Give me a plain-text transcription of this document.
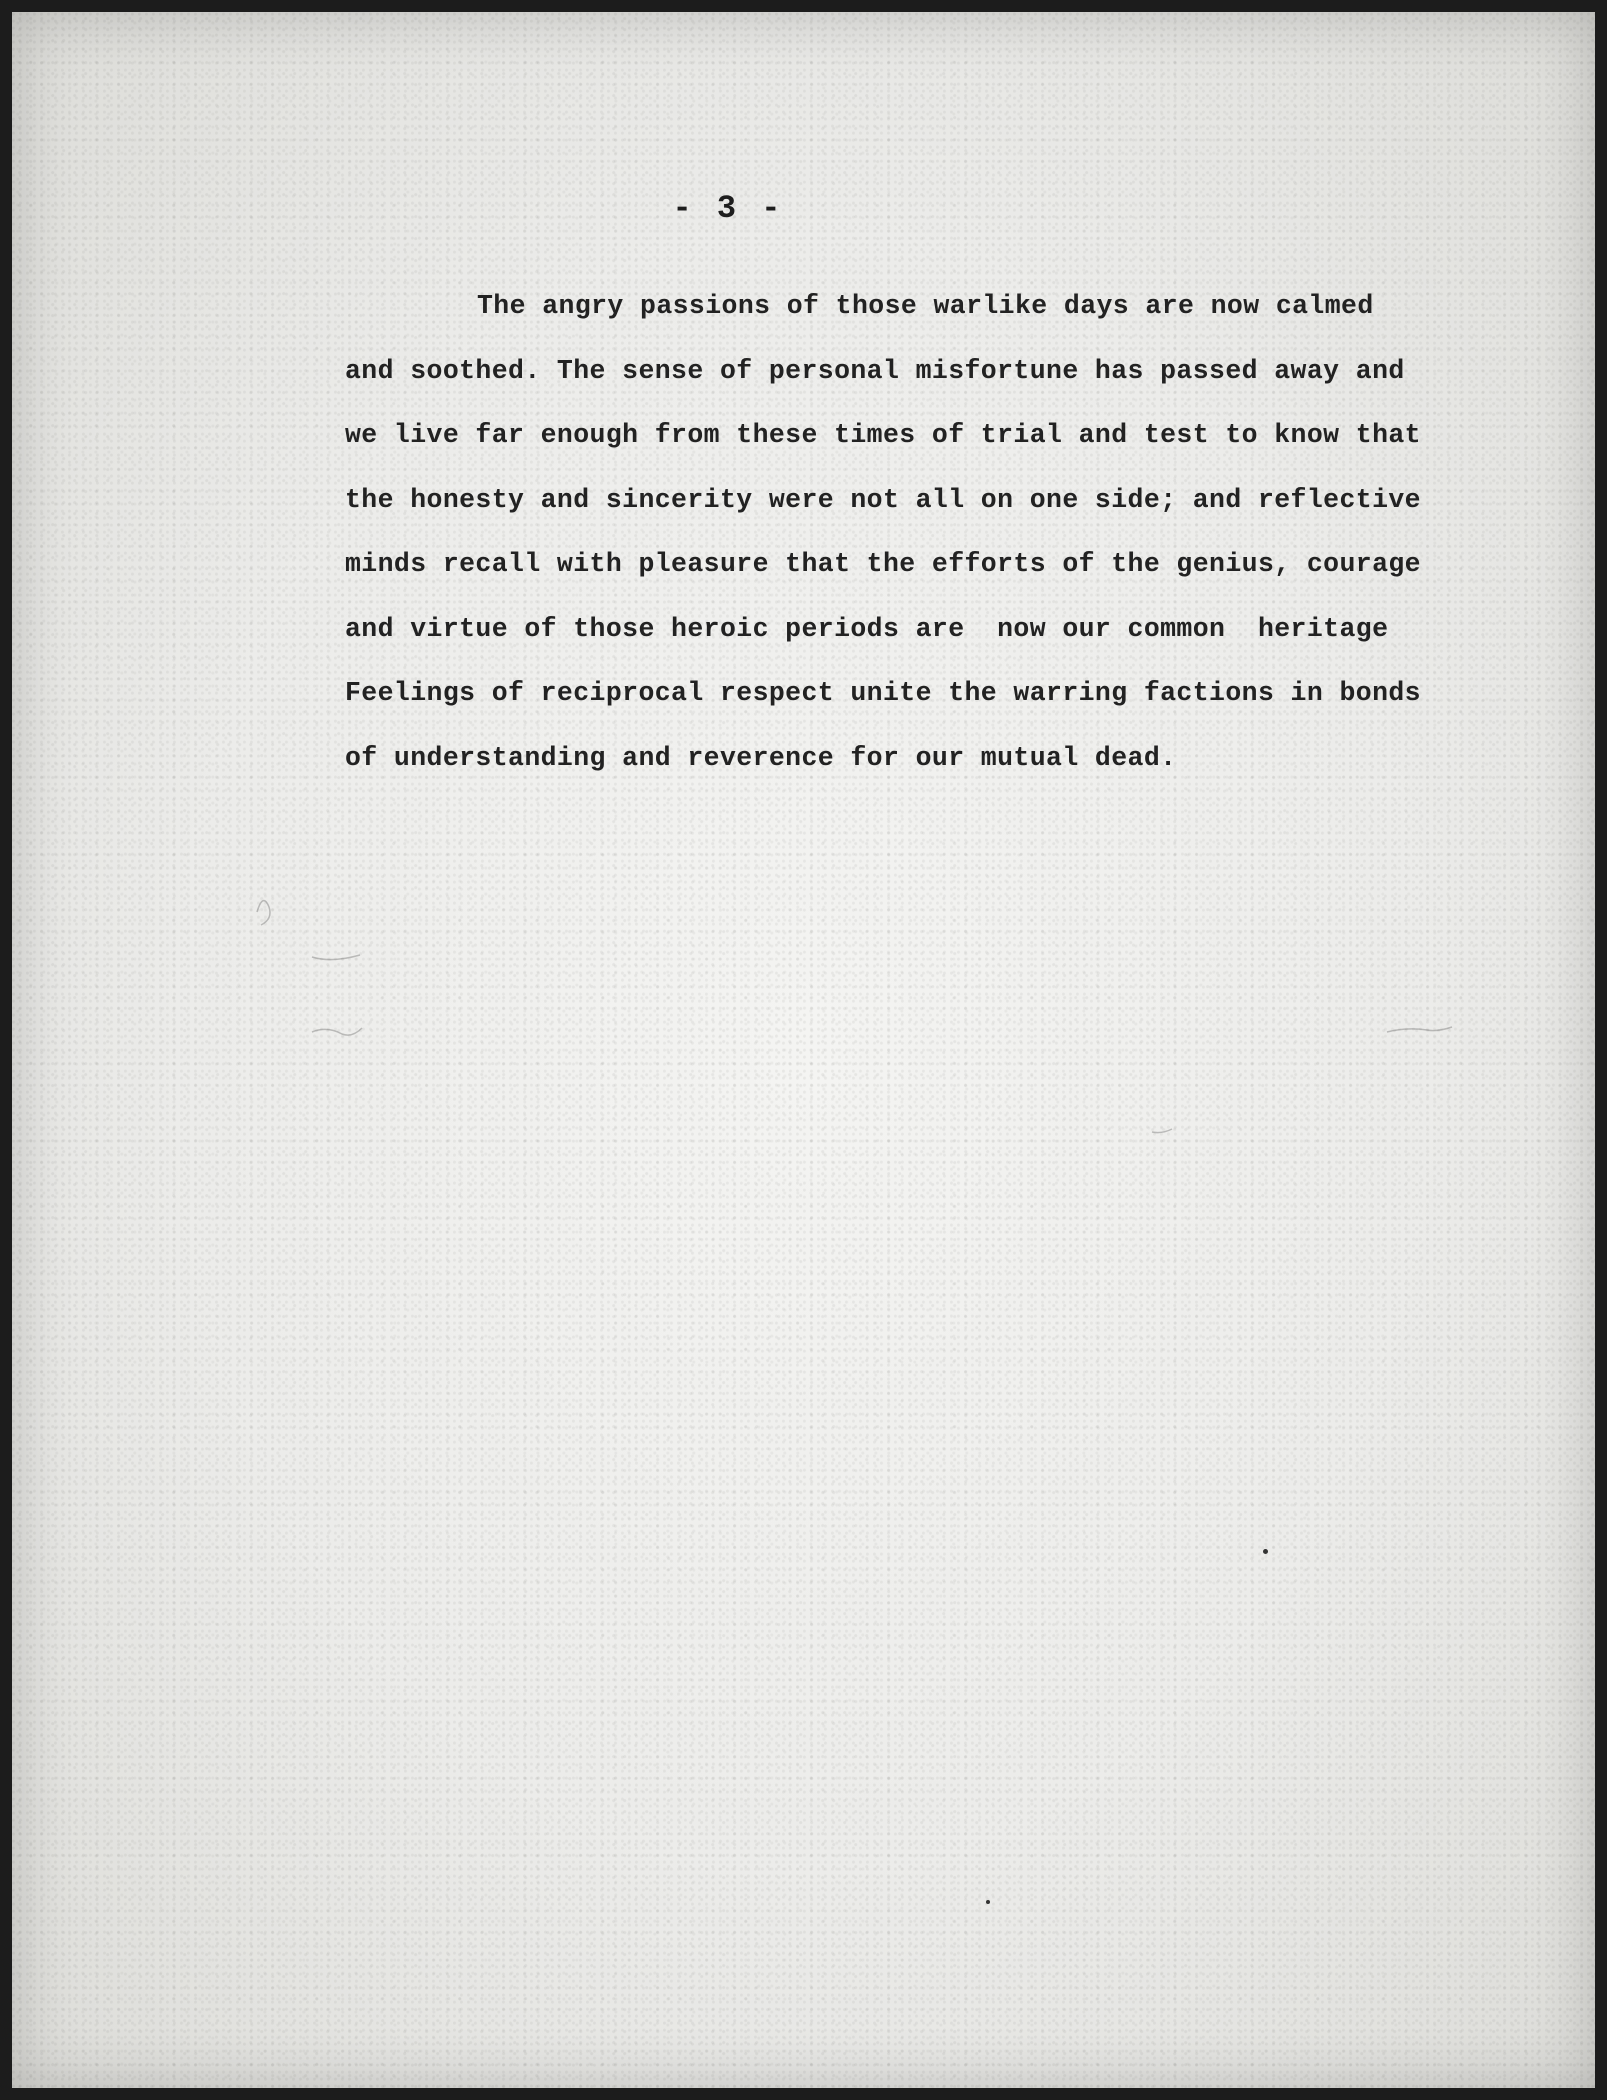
- 3 -
The angry passions of those warlike days are now calmed
and soothed. The sense of personal misfortune has passed away and
we live far enough from these times of trial and test to know that
the honesty and sincerity were not all on one side; and reflective
minds recall with pleasure that the efforts of the genius, courage
and virtue of those heroic periods are  now our common  heritage
Feelings of reciprocal respect unite the warring factions in bonds
of understanding and reverence for our mutual dead.
